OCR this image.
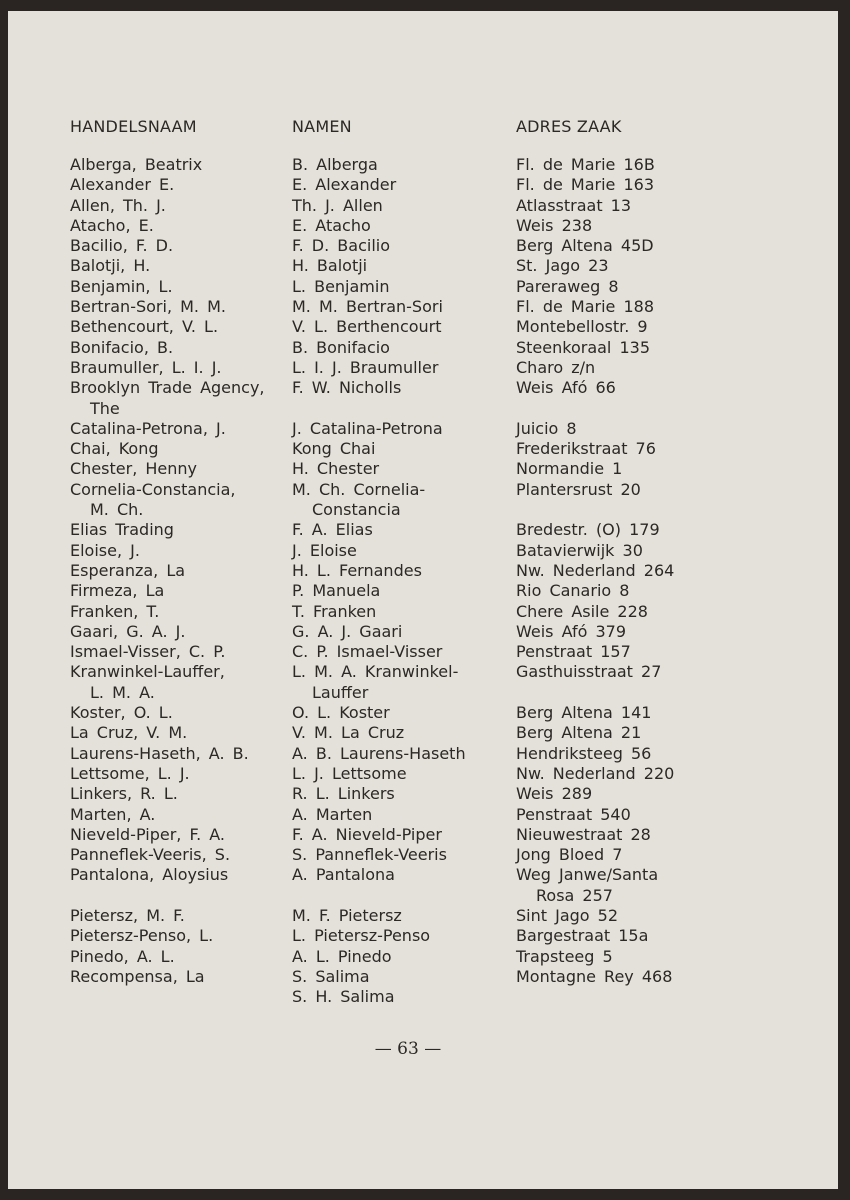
HANDELSNAAM
Alberga, Beatrix
Alexander E.
Allen, Th. J.
Atacho, E.
Bacilio, F. D.
Balotji, H.
Benjamin, L.
Bertran-Sori, M. M.
Bethencourt, V. L.
Bonifacio, B.
Braumuller, L. I. J.
Brooklyn Trade Agency,
The
Catalina-Petrona, J.
Chai, Kong
Chester, Henny
Cornelia-Constancia,
M. Ch.
Elias Trading
Eloise, J.
Esperanza, La
Firmeza, La
Franken, T.
Gaari, G. A. J.
Ismael-Visser, C. P.
Kranwinkel-Lauffer,
L. M. A.
Koster, O. L.
La Cruz, V. M.
Laurens-Haseth, A. B.
Lettsome, L. J.
Linkers, R. L.
Marten, A.
Nieveld-Piper, F. A.
Panneflek-Veeris, S.
Pantalona, Aloysius
Pietersz, M. F.
Pietersz-Penso, L.
Pinedo, A. L.
Recompensa, La
NAMEN
B. Alberga
E. Alexander
Th. J. Allen
E. Atacho
F. D. Bacilio
H. Balotji
L. Benjamin
M. M. Bertran-Sori
V. L. Berthencourt
B. Bonifacio
L. I. J. Braumuller
F. W. Nicholls
J. Catalina-Petrona
Kong Chai
H. Chester
M. Ch. Cornelia-
Constancia
F. A. Elias
J. Eloise
H. L. Fernandes
P. Manuela
T. Franken
G. A. J. Gaari
C. P. Ismael-Visser
L. M. A. Kranwinkel-
Lauffer
O. L. Koster
V. M. La Cruz
A. B. Laurens-Haseth
L. J. Lettsome
R. L. Linkers
A. Marten
F. A. Nieveld-Piper
S. Panneflek-Veeris
A. Pantalona
M. F. Pietersz
L. Pietersz-Penso
A. L. Pinedo
S. Salima
S. H. Salima
ADRES ZAAK
Fl. de Marie 16B
Fl. de Marie 163
Atlasstraat 13
Weis 238
Berg Altena 45D
St. Jago 23
Pareraweg 8
Fl. de Marie 188
Montebellostr. 9
Steenkoraal 135
Charo z/n
Weis Afó 66
Juicio 8
Frederikstraat 76
Normandie 1
Plantersrust 20
Bredestr. (O) 179
Batavierwijk 30
Nw. Nederland 264
Rio Canario 8
Chere Asile 228
Weis Afó 379
Penstraat 157
Gasthuisstraat 27
Berg Altena 141
Berg Altena 21
Hendriksteeg 56
Nw. Nederland 220
Weis 289
Penstraat 540
Nieuwestraat 28
Jong Bloed 7
Weg Janwe/Santa
Rosa 257
Sint Jago 52
Bargestraat 15a
Trapsteeg 5
Montagne Rey 468
— 63 —
